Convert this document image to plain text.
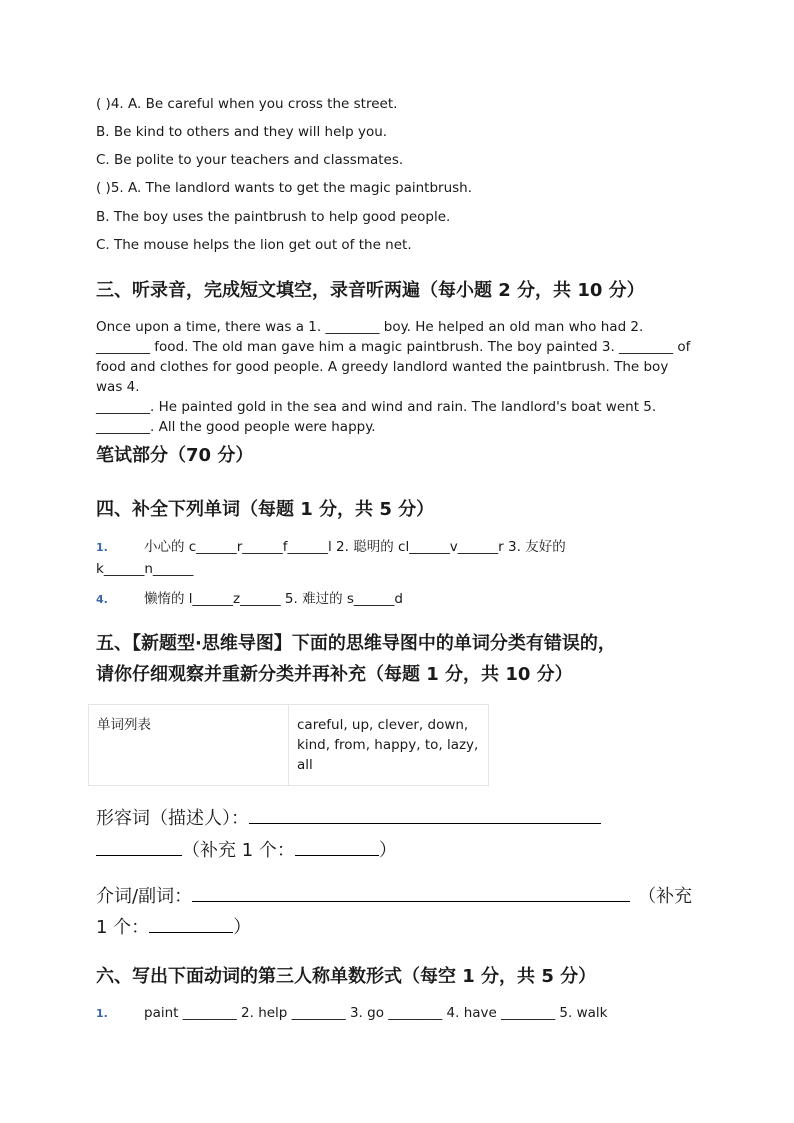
( )4. A. Be careful when you cross the street.
B. Be kind to others and they will help you.
C. Be polite to your teachers and classmates.
( )5. A. The landlord wants to get the magic paintbrush.
B. The boy uses the paintbrush to help good people.
C. The mouse helps the lion get out of the net.
三、听录音，完成短文填空，录音听两遍（每小题 2 分，共 10 分）
Once upon a time, there was a 1. ________ boy. He helped an old man who had 2.
________ food. The old man gave him a magic paintbrush. The boy painted 3. ________ of
food and clothes for good people. A greedy landlord wanted the paintbrush. The boy was 4.
________. He painted gold in the sea and wind and rain. The landlord's boat went 5.
________. All the good people were happy.
笔试部分（70 分）
四、补全下列单词（每题 1 分，共 5 分）
1.	小心的 c______r______f______l 2. 聪明的 cl______v______r 3. 友好的
k______n______
4.	懒惰的 l______z______ 5. 难过的 s______d
五、【新题型·思维导图】下面的思维导图中的单词分类有错误的，
请你仔细观察并重新分类并再补充（每题 1 分，共 10 分）
单词列表	careful, up, clever, down, kind, from, happy, to, lazy, all
形容词（描述人）：
（补充 1 个：	）
介词/副词：	（补充
1 个：	）
六、写出下面动词的第三人称单数形式（每空 1 分，共 5 分）
1.	paint ________ 2. help ________ 3. go ________ 4. have ________ 5. walk
